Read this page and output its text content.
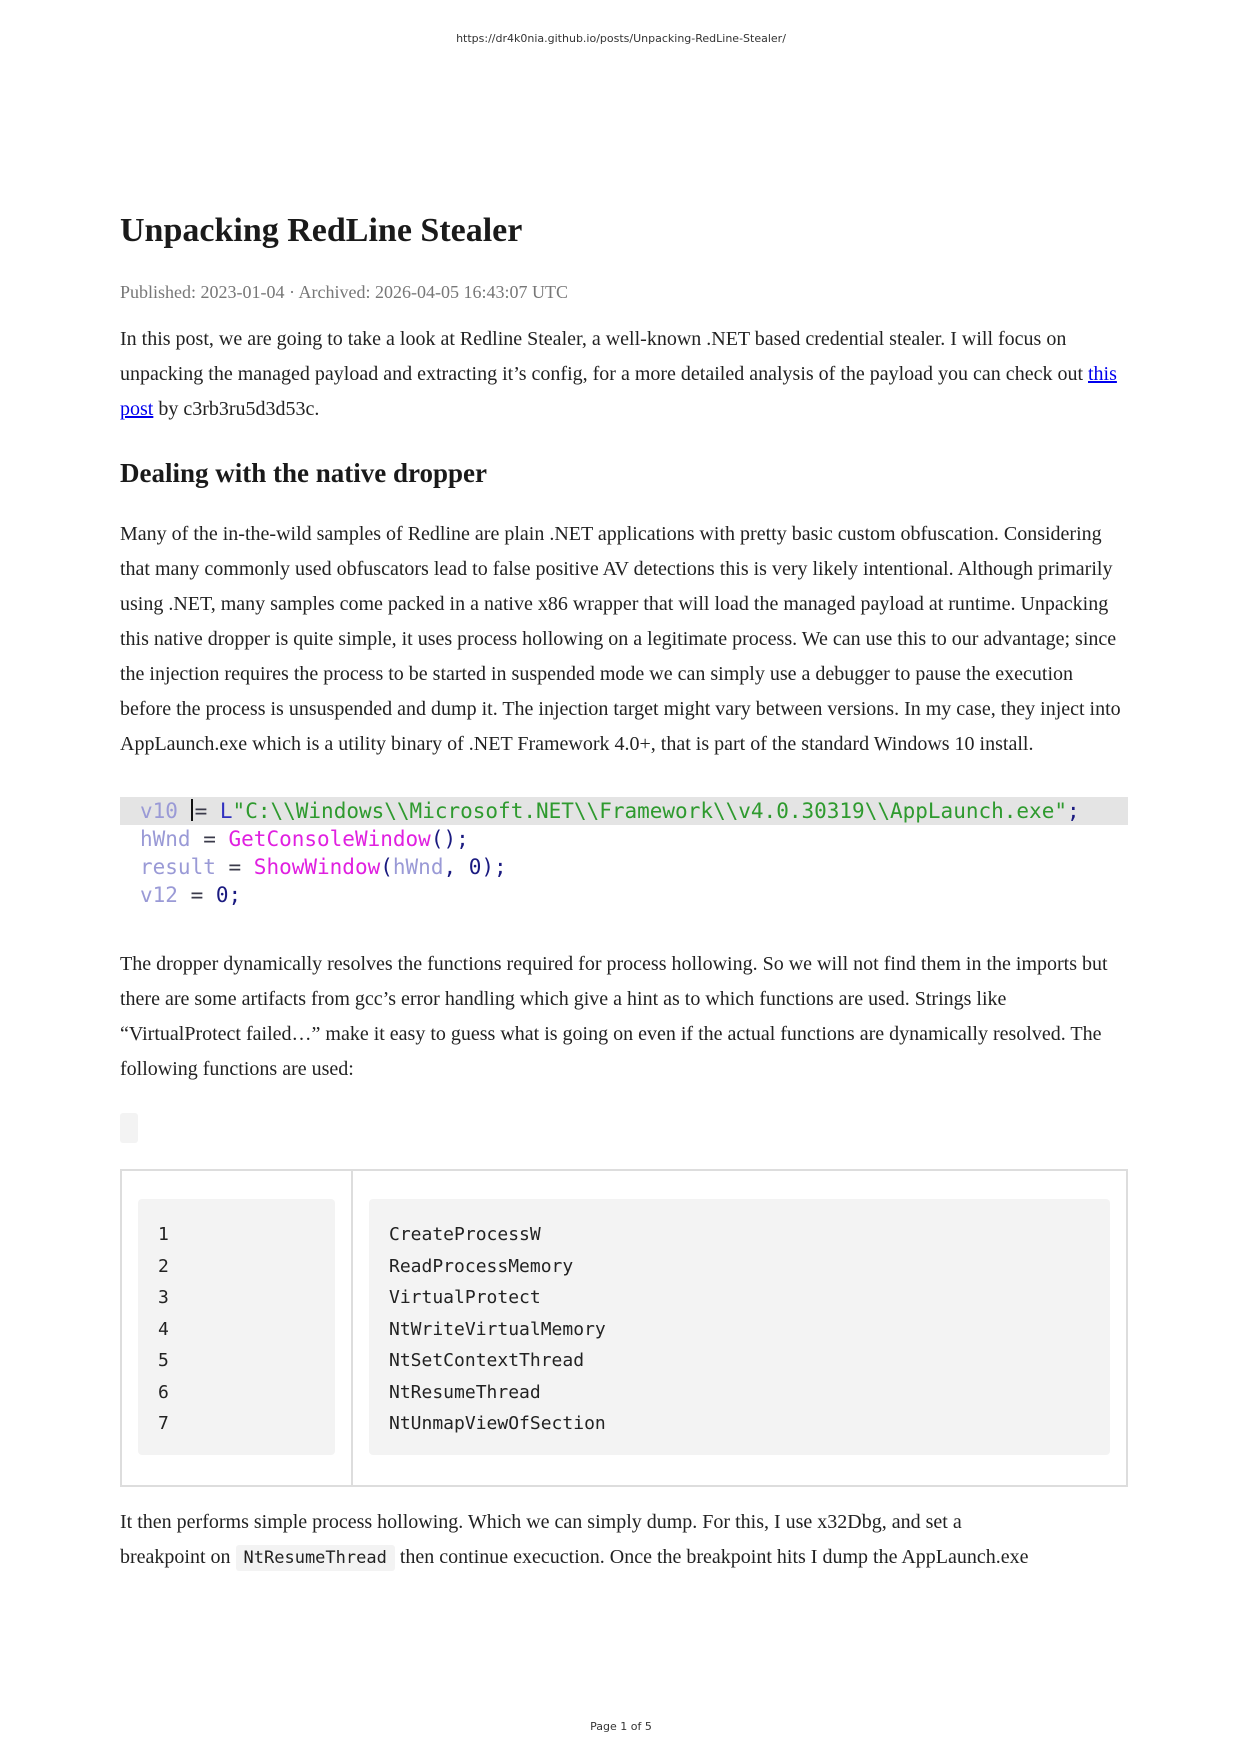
https://dr4k0nia.github.io/posts/Unpacking-RedLine-Stealer/
Unpacking RedLine Stealer
Published: 2023-01-04 · Archived: 2026-04-05 16:43:07 UTC

In this post, we are going to take a look at Redline Stealer, a well-known .NET based credential stealer. I will focus on unpacking the managed payload and extracting it’s config, for a more detailed analysis of the payload you can check out this post by c3rb3ru5d3d53c.

Dealing with the native dropper

Many of the in-the-wild samples of Redline are plain .NET applications with pretty basic custom obfuscation. Considering that many commonly used obfuscators lead to false positive AV detections this is very likely intentional. Although primarily using .NET, many samples come packed in a native x86 wrapper that will load the managed payload at runtime. Unpacking this native dropper is quite simple, it uses process hollowing on a legitimate process. We can use this to our advantage; since the injection requires the process to be started in suspended mode we can simply use a debugger to pause the execution before the process is unsuspended and dump it. The injection target might vary between versions. In my case, they inject into AppLaunch.exe which is a utility binary of .NET Framework 4.0+, that is part of the standard Windows 10 install.

v10 = L"C:\\Windows\\Microsoft.NET\\Framework\\v4.0.30319\\AppLaunch.exe";
hWnd = GetConsoleWindow();
result = ShowWindow(hWnd, 0);
v12 = 0;

The dropper dynamically resolves the functions required for process hollowing. So we will not find them in the imports but there are some artifacts from gcc’s error handling which give a hint as to which functions are used. Strings like “VirtualProtect failed…” make it easy to guess what is going on even if the actual functions are dynamically resolved. The following functions are used:

1
2
3
4
5
6
7
CreateProcessW
ReadProcessMemory
VirtualProtect
NtWriteVirtualMemory
NtSetContextThread
NtResumeThread
NtUnmapViewOfSection

It then performs simple process hollowing. Which we can simply dump. For this, I use x32Dbg, and set a
breakpoint on NtResumeThread then continue execuction. Once the breakpoint hits I dump the AppLaunch.exe

Page 1 of 5
